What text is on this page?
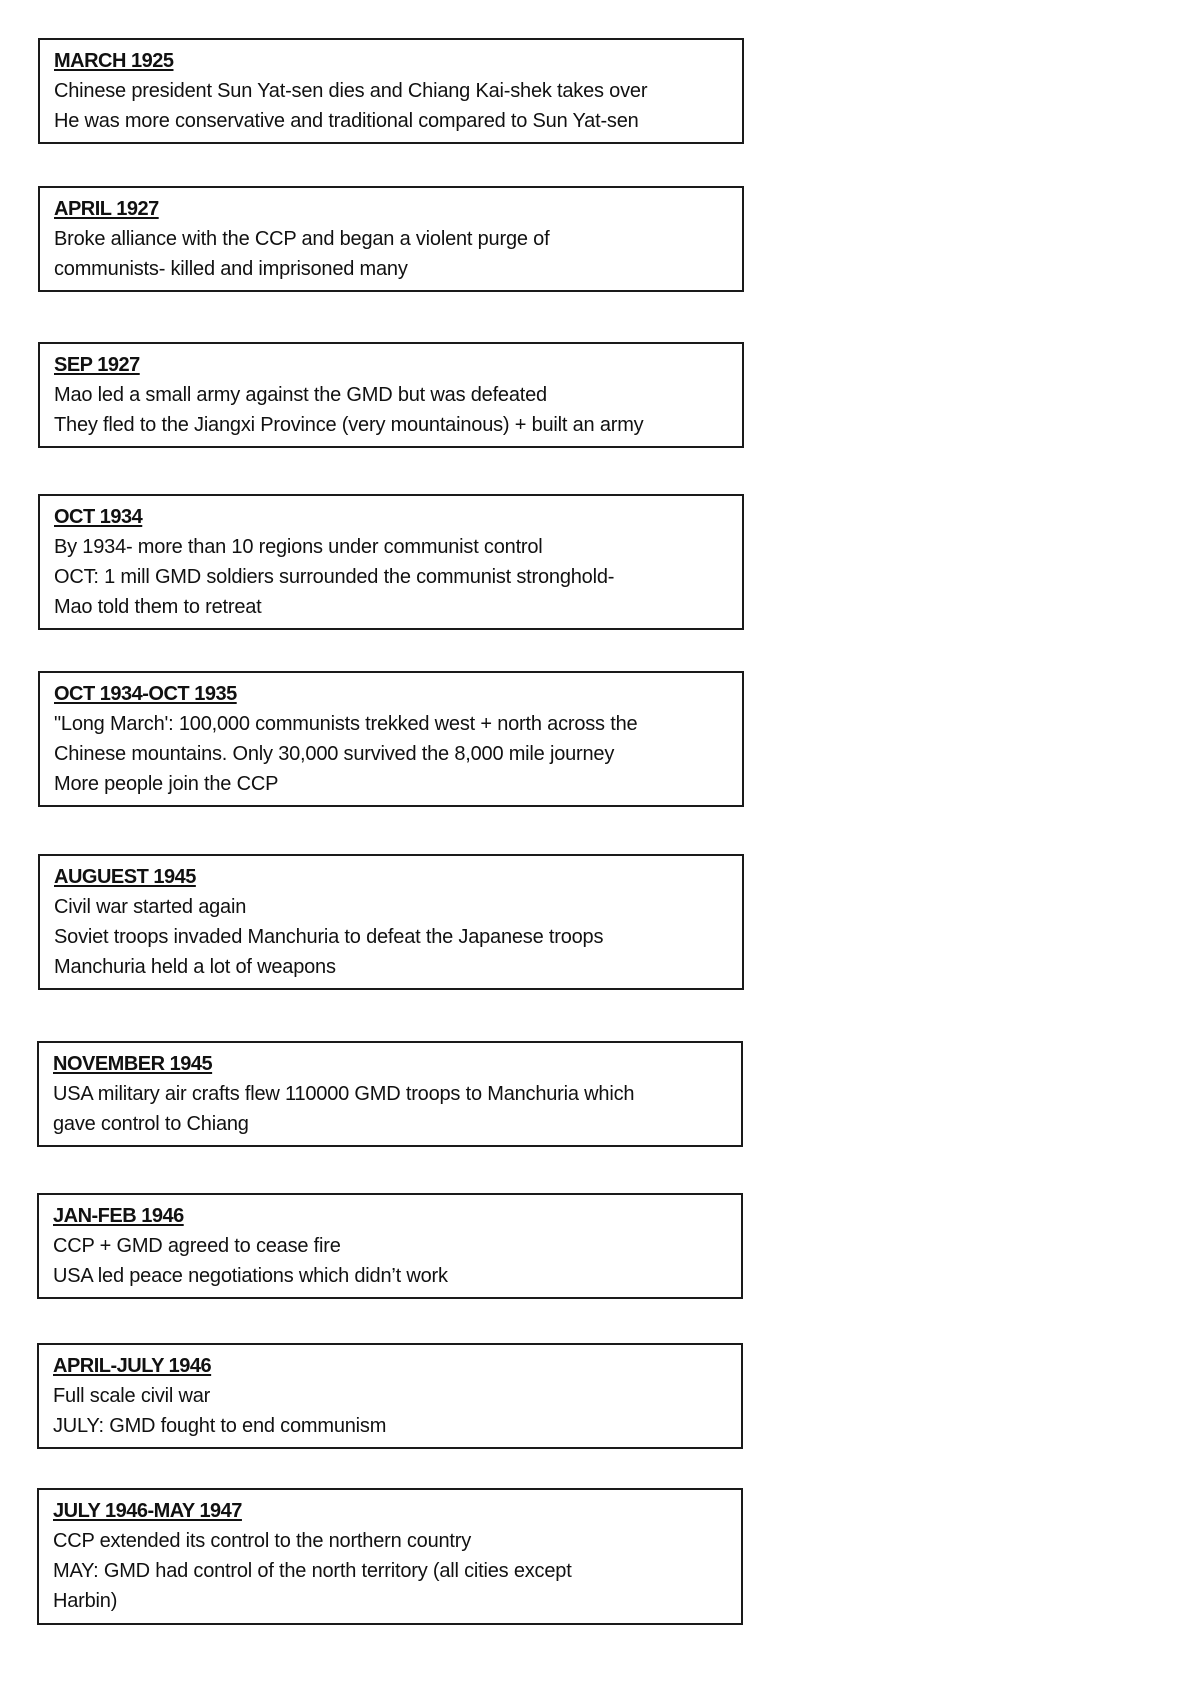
MARCH 1925
Chinese president Sun Yat-sen dies and Chiang Kai-shek takes over
He was more conservative and traditional compared to Sun Yat-sen
APRIL 1927
Broke alliance with the CCP and began a violent purge of
communists- killed and imprisoned many
SEP 1927
Mao led a small army against the GMD but was defeated
They fled to the Jiangxi Province (very mountainous) + built an army
OCT 1934
By 1934- more than 10 regions under communist control
OCT: 1 mill GMD soldiers surrounded the communist stronghold-
Mao told them to retreat
OCT 1934-OCT 1935
"Long March': 100,000 communists trekked west + north across the
Chinese mountains. Only 30,000 survived the 8,000 mile journey
More people join the CCP
AUGUEST 1945
Civil war started again
Soviet troops invaded Manchuria to defeat the Japanese troops
Manchuria held a lot of weapons
NOVEMBER 1945
USA military air crafts flew 110000 GMD troops to Manchuria which
gave control to Chiang
JAN-FEB 1946
CCP + GMD agreed to cease fire
USA led peace negotiations which didn’t work
APRIL-JULY 1946
Full scale civil war
JULY: GMD fought to end communism
JULY 1946-MAY 1947
CCP extended its control to the northern country
MAY: GMD had control of the north territory (all cities except
Harbin)
